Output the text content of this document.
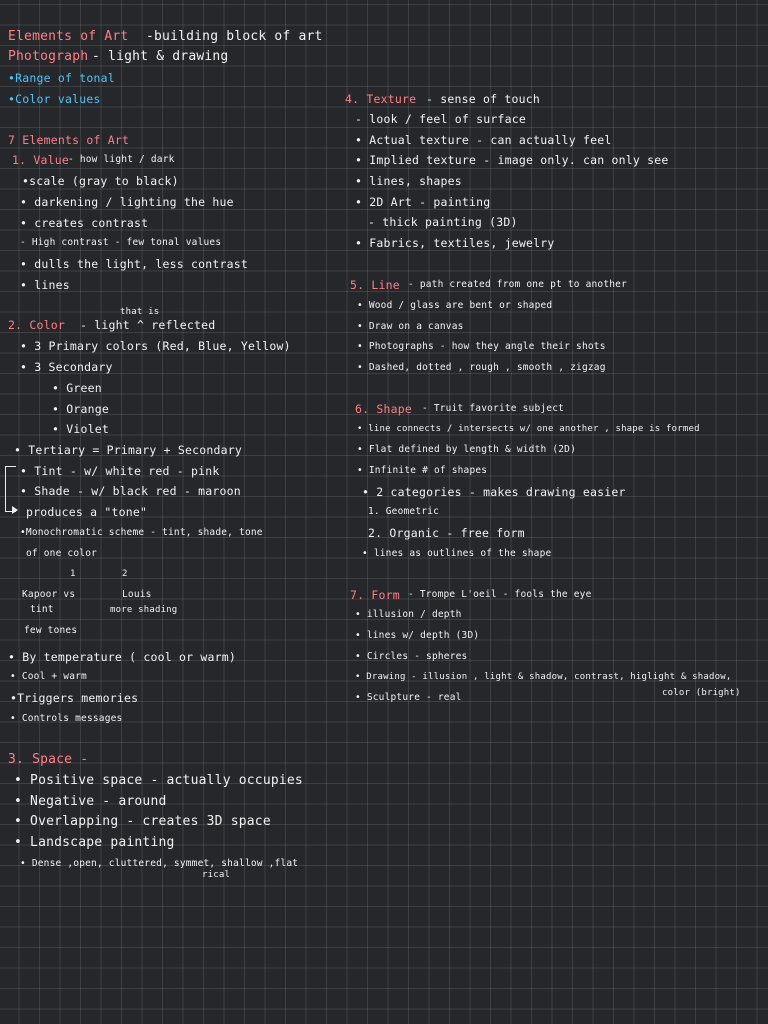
Elements of Art -building block of art
Photograph - light & drawing
•Range of tonal
•Color values
7 Elements of Art
1. Value - how light / dark
•scale (gray to black)
• darkening / lighting the hue
• creates contrast
- High contrast - few tonal values
• dulls the light, less contrast
• lines
that is
2. Color - light ^ reflected
• 3 Primary colors (Red, Blue, Yellow)
• 3 Secondary
• Green
• Orange
• Violet
• Tertiary = Primary + Secondary
• Tint - w/ white red - pink
• Shade - w/ black red - maroon
produces a "tone"
•Monochromatic scheme - tint, shade, tone
of one color
1	2
Kapoor vs	Louis
tint	more shading
few tones
• By temperature ( cool or warm)
• Cool + warm
•Triggers memories
• Controls messages
3. Space -
• Positive space - actually occupies
• Negative - around
• Overlapping - creates 3D space
• Landscape painting
• Dense ,open, cluttered, symmet, shallow ,flat
rical
4. Texture - sense of touch
- look / feel of surface
• Actual texture - can actually feel
• Implied texture - image only. can only see
• lines, shapes
• 2D Art - painting
- thick painting (3D)
• Fabrics, textiles, jewelry
5. Line - path created from one pt to another
• Wood / glass are bent or shaped
• Draw on a canvas
• Photographs - how they angle their shots
• Dashed, dotted , rough , smooth , zigzag
6. Shape - Truit favorite subject
• line connects / intersects w/ one another , shape is formed
• Flat defined by length & width (2D)
• Infinite # of shapes
• 2 categories - makes drawing easier
1. Geometric
2. Organic - free form
• lines as outlines of the shape
7. Form - Trompe L'oeil - fools the eye
• illusion / depth
• lines w/ depth (3D)
• Circles - spheres
• Drawing - illusion , light & shadow, contrast, higlight & shadow,
color (bright)
• Sculpture - real
